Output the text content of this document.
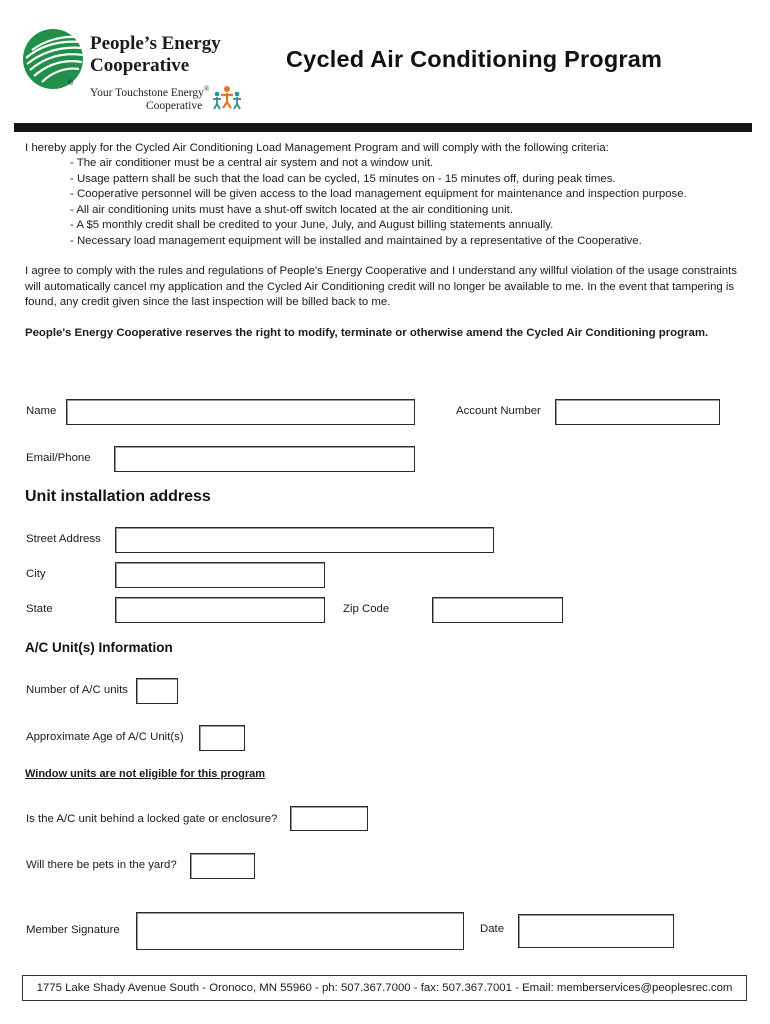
®
People’s Energy
Cooperative
Your Touchstone Energy®
Cooperative
Cycled Air Conditioning Program
I hereby apply for the Cycled Air Conditioning Load Management Program and will comply with the following criteria:
- The air conditioner must be a central air system and not a window unit.
- Usage pattern shall be such that the load can be cycled, 15 minutes on - 15 minutes off, during peak times.
- Cooperative personnel will be given access to the load management equipment for maintenance and inspection purpose.
- All air conditioning units must have a shut-off switch located at the air conditioning unit.
- A $5 monthly credit shall be credited to your June, July, and August billing statements annually.
- Necessary load management equipment will be installed and maintained by a representative of the Cooperative.
I agree to comply with the rules and regulations of People's Energy Cooperative and I understand any willful violation of the usage constraints will automatically cancel my application and the Cycled Air Conditioning credit will no longer be available to me. In the event that tampering is found, any credit given since the last inspection will be billed back to me.
People's Energy Cooperative reserves the right to modify, terminate or otherwise amend the Cycled Air Conditioning program.
Name	Account Number
Email/Phone
Unit installation address
Street Address
City
State	Zip Code
A/C Unit(s) Information
Number of A/C units
Approximate Age of A/C Unit(s)
Window units are not eligible for this program
Is the A/C unit behind a locked gate or enclosure?
Will there be pets in the yard?
Member Signature	Date
1775 Lake Shady Avenue South - Oronoco, MN 55960 - ph: 507.367.7000 - fax: 507.367.7001 - Email: memberservices@peoplesrec.com
